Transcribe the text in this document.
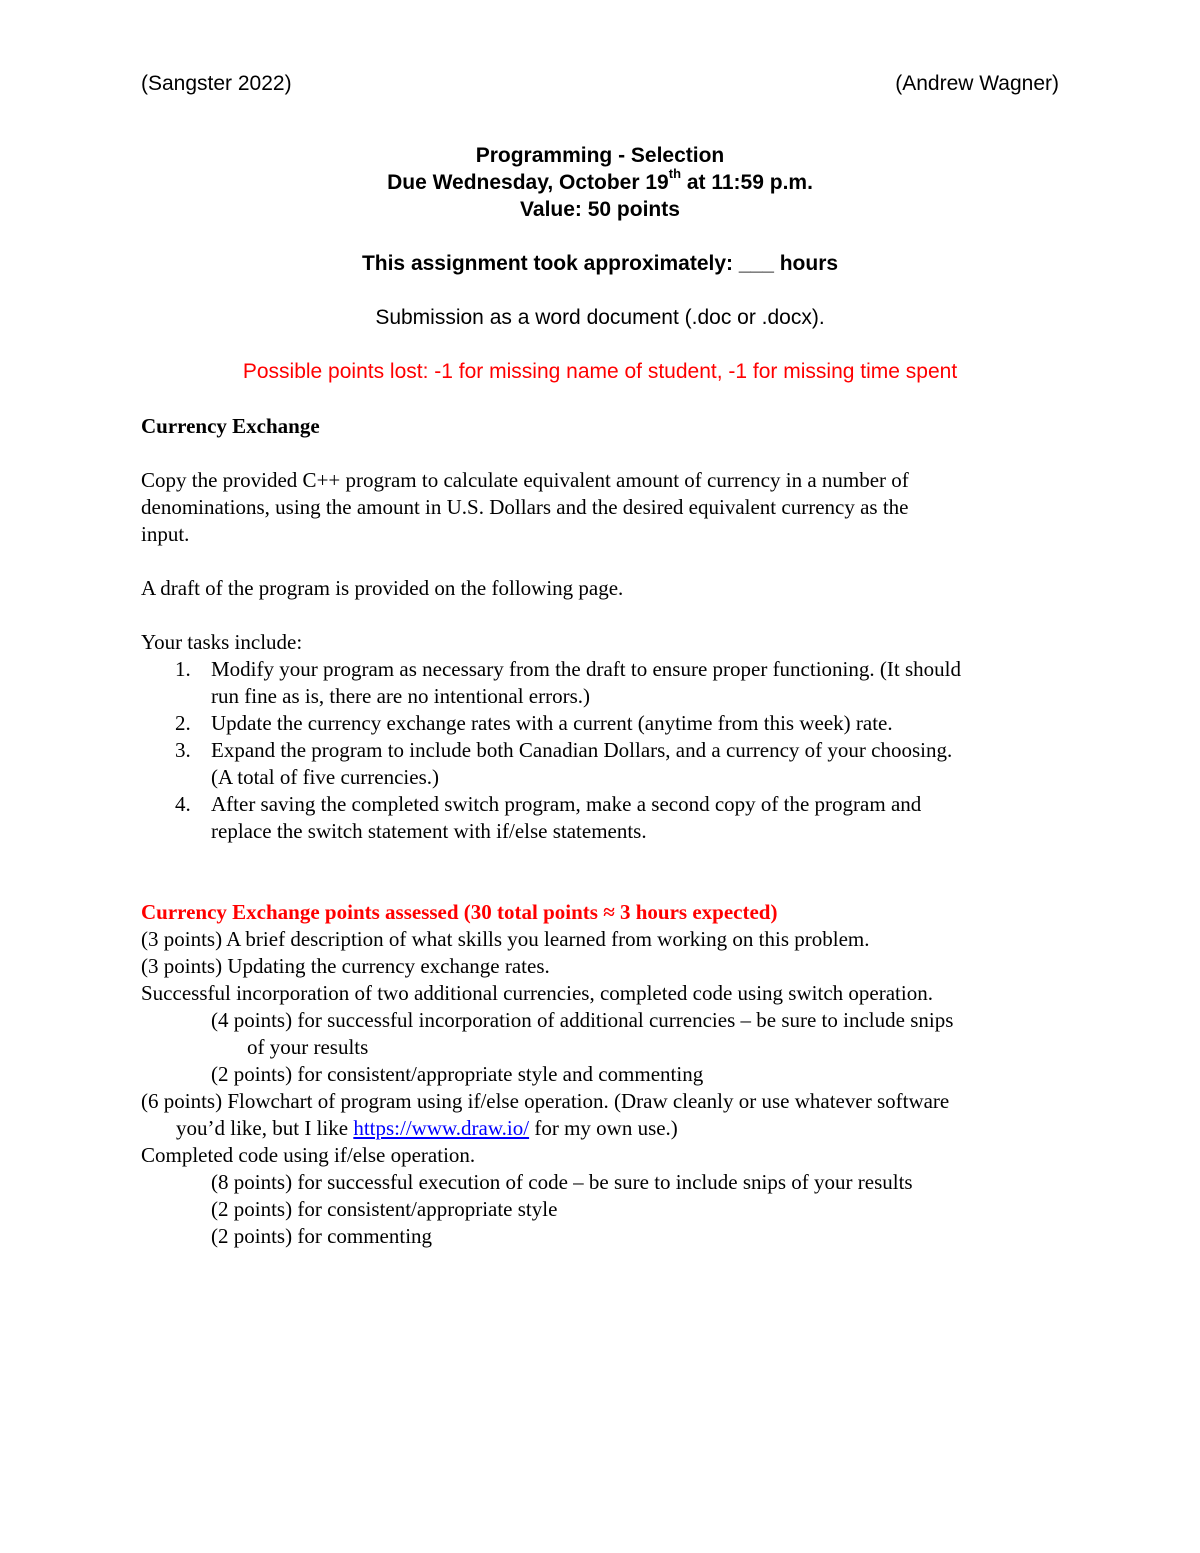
(Sangster 2022)	(Andrew Wagner)
Programming - Selection
Due Wednesday, October 19th at 11:59 p.m.
Value: 50 points
This assignment took approximately: ___ hours
Submission as a word document (.doc or .docx).
Possible points lost: -1 for missing name of student, -1 for missing time spent
Currency Exchange
Copy the provided C++ program to calculate equivalent amount of currency in a number of
denominations, using the amount in U.S. Dollars and the desired equivalent currency as the
input.
A draft of the program is provided on the following page.
Your tasks include:
1. Modify your program as necessary from the draft to ensure proper functioning. (It should
run fine as is, there are no intentional errors.)
2. Update the currency exchange rates with a current (anytime from this week) rate.
3. Expand the program to include both Canadian Dollars, and a currency of your choosing.
(A total of five currencies.)
4. After saving the completed switch program, make a second copy of the program and
replace the switch statement with if/else statements.
Currency Exchange points assessed (30 total points ≈ 3 hours expected)
(3 points) A brief description of what skills you learned from working on this problem.
(3 points) Updating the currency exchange rates.
Successful incorporation of two additional currencies, completed code using switch operation.
(4 points) for successful incorporation of additional currencies – be sure to include snips
of your results
(2 points) for consistent/appropriate style and commenting
(6 points) Flowchart of program using if/else operation. (Draw cleanly or use whatever software
you’d like, but I like https://www.draw.io/ for my own use.)
Completed code using if/else operation.
(8 points) for successful execution of code – be sure to include snips of your results
(2 points) for consistent/appropriate style
(2 points) for commenting
